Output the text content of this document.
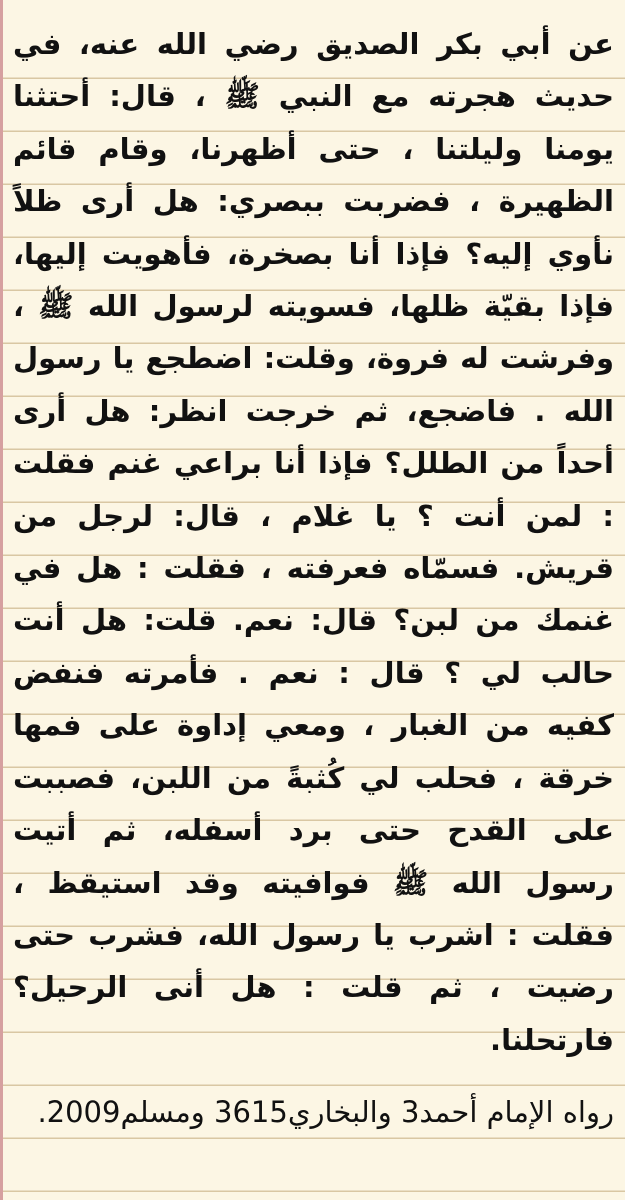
عن أبي بكر الصديق رضي الله عنه، في حديث هجرته مع النبي ﷺ ، قال: أحتثنا يومنا وليلتنا ، حتى أظهرنا، وقام قائم الظهيرة ، فضربت ببصري: هل أرى ظلاً نأوي إليه؟ فإذا أنا بصخرة، فأهويت إليها، فإذا بقيّة ظلها، فسويته لرسول الله ﷺ ، وفرشت له فروة، وقلت: اضطجع يا رسول الله . فاضجع، ثم خرجت انظر: هل أرى أحداً من الطلل؟ فإذا أنا براعي غنم فقلت : لمن أنت ؟ يا غلام ، قال: لرجل من قريش. فسمّاه فعرفته ، فقلت : هل في غنمك من لبن؟ قال: نعم. قلت: هل أنت حالب لي ؟ قال : نعم . فأمرته فنفض كفيه من الغبار ، ومعي إداوة على فمها خرقة ، فحلب لي كُثبةً من اللبن، فصببت على القدح حتى برد أسفله، ثم أتيت رسول الله ﷺ فوافيته وقد استيقظ ، فقلت : اشرب يا رسول الله، فشرب حتى رضيت ، ثم قلت : هل أنى الرحيل؟ فارتحلنا.
رواه الإمام أحمد3 والبخاري3615 ومسلم2009.
